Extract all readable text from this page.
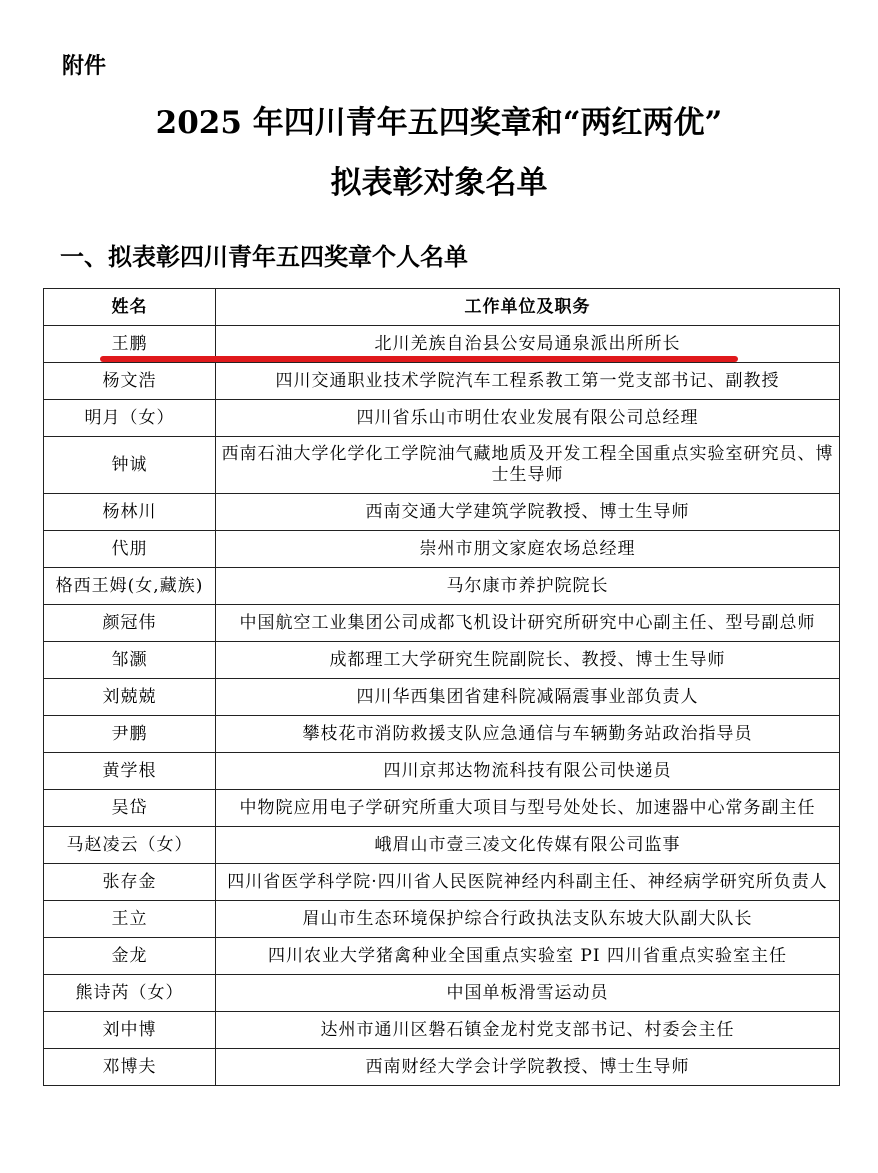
附件
2025 年四川青年五四奖章和“两红两优”
拟表彰对象名单
一、拟表彰四川青年五四奖章个人名单
姓名	工作单位及职务
王鹏	北川羌族自治县公安局通泉派出所所长
杨文浩	四川交通职业技术学院汽车工程系教工第一党支部书记、副教授
明月（女）	四川省乐山市明仕农业发展有限公司总经理
钟诚	西南石油大学化学化工学院油气藏地质及开发工程全国重点实验室研究员、博士生导师
杨林川	西南交通大学建筑学院教授、博士生导师
代朋	崇州市朋文家庭农场总经理
格西王姆(女,藏族)	马尔康市养护院院长
颜冠伟	中国航空工业集团公司成都飞机设计研究所研究中心副主任、型号副总师
邹灏	成都理工大学研究生院副院长、教授、博士生导师
刘兢兢	四川华西集团省建科院减隔震事业部负责人
尹鹏	攀枝花市消防救援支队应急通信与车辆勤务站政治指导员
黄学根	四川京邦达物流科技有限公司快递员
吴岱	中物院应用电子学研究所重大项目与型号处处长、加速器中心常务副主任
马赵凌云（女）	峨眉山市壹三凌文化传媒有限公司监事
张存金	四川省医学科学院·四川省人民医院神经内科副主任、神经病学研究所负责人
王立	眉山市生态环境保护综合行政执法支队东坡大队副大队长
金龙	四川农业大学猪禽种业全国重点实验室 PI 四川省重点实验室主任
熊诗芮（女）	中国单板滑雪运动员
刘中博	达州市通川区磐石镇金龙村党支部书记、村委会主任
邓博夫	西南财经大学会计学院教授、博士生导师
